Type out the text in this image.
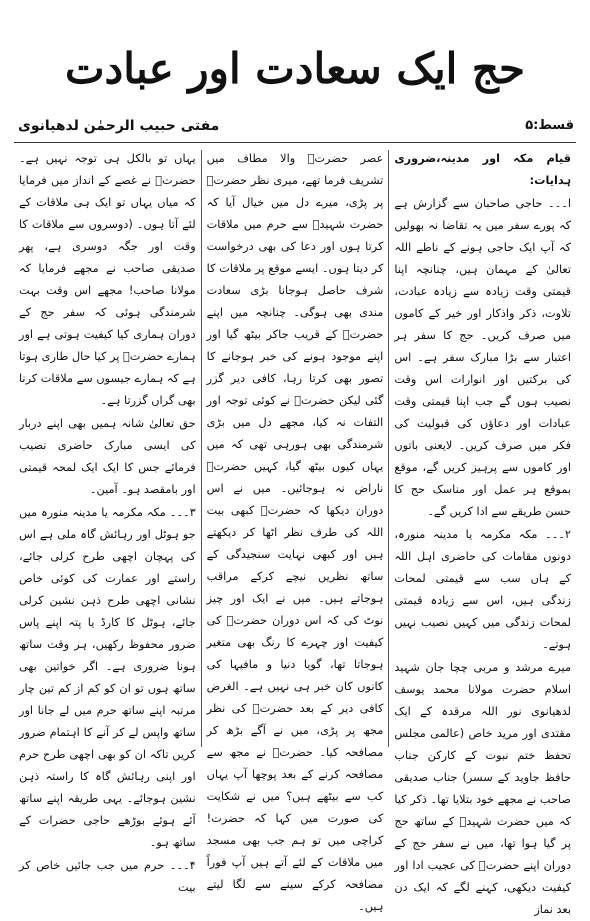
حج ایک سعادت اور عبادت
قسط:۵
مفتی حبیب الرحمٰن لدھیانوی

قیام مکہ اور مدینہ،ضروری ہدایات:

ا۔۔۔ حاجی صاحبان سے گزارش ہے کہ پورے سفر میں یہ تقاضا نہ بھولیں کہ آپ ایک حاجی ہونے کے ناطے اللہ تعالیٰ کے مہمان ہیں، چنانچہ اپنا قیمتی وقت زیادہ سے زیادہ عبادت، تلاوت، ذکر واذکار اور خیر کے کاموں میں صرف کریں۔ حج کا سفر ہر اعتبار سے بڑا مبارک سفر ہے۔ اس کی برکتیں اور انوارات اس وقت نصیب ہوں گے جب اپنا قیمتی وقت عبادات اور دعاؤں کی قبولیت کی فکر میں صرف کریں۔ لایعنی باتوں اور کاموں سے پرہیز کریں گے، موقع بموقع ہر عمل اور مناسک حج کا حسن طریقے سے ادا کریں گے۔

۲۔۔۔ مکہ مکرمہ یا مدینہ منورہ، دونوں مقامات کی حاضری اہل اللہ کے ہاں سب سے قیمتی لمحات زندگی ہیں، اس سے زیادہ قیمتی لمحات زندگی میں کہیں نصیب نہیں ہوتے۔

میرے مرشد و مربی چچا جان شہید اسلام حضرت مولانا محمد یوسف لدھیانوی نور اللہ مرقدہ کے ایک مقتدی اور مرید خاص (عالمی مجلس تحفظ ختم نبوت کے کارکن جناب حافظ جاوید کے سسر) جناب صدیقی صاحب نے مجھے خود بتلایا تھا۔ ذکر کیا کہ میں حضرت شہیدؒ کے ساتھ حج پر گیا ہوا تھا، میں نے سفر حج کے دوران اپنے حضرتؒ کی عجیب ادا اور کیفیت دیکھی، کہنے لگے کہ ایک دن بعد نماز

عصر حضرتؒ والا مطاف میں تشریف فرما تھے، میری نظر حضرتؒ پر پڑی، میرے دل میں خیال آیا کہ حضرت شہیدؒ سے حرم میں ملاقات کرتا ہوں اور دعا کی بھی درخواست کر دیتا ہوں۔ ایسے موقع پر ملاقات کا شرف حاصل ہوجانا بڑی سعادت مندی بھی ہوگی۔ چنانچہ میں اپنے حضرتؒ کے قریب جاکر بیٹھ گیا اور اپنے موجود ہونے کی خبر ہوجانے کا تصور بھی کرتا رہا، کافی دیر گزر گئی لیکن حضرتؒ نے کوئی توجہ اور التفات نہ کیا، مجھے دل میں بڑی شرمندگی بھی ہورہی تھی کہ میں یہاں کیوں بیٹھ گیا، کہیں حضرتؒ ناراض نہ ہوجائیں۔ میں نے اس دوران دیکھا کہ حضرتؒ کبھی بیت اللہ کی طرف نظر اٹھا کر دیکھتے ہیں اور کبھی نہایت سنجیدگی کے ساتھ نظریں نیچے کرکے مراقب ہوجاتے ہیں۔ میں نے ایک اور چیز نوٹ کی کہ اس دوران حضرتؒ کی کیفیت اور چہرے کا رنگ بھی متغیر ہوجاتا تھا، گویا دنیا و مافیہا کی کانوں کان خبر ہی نہیں ہے۔ الغرض کافی دیر کے بعد حضرتؒ کی نظر مجھ پر پڑی، میں نے آگے بڑھ کر مصافحہ کیا۔ حضرتؒ نے مجھ سے مصافحہ کرنے کے بعد پوچھا آپ یہاں کب سے بیٹھے ہیں؟ میں نے شکایت کی صورت میں کہا کہ حضرت! کراچی میں تو ہم جب بھی مسجد میں ملاقات کے لئے آتے ہیں آپ فوراً مصافحہ کرکے سینے سے لگا لیتے ہیں۔

یہاں تو بالکل ہی توجہ نہیں ہے۔ حضرتؒ نے غصے کے انداز میں فرمایا کہ میاں یہاں تو ایک ہی ملاقات کے لئے آتا ہوں۔ (دوسروں سے ملاقات کا وقت اور جگہ دوسری ہے، پھر صدیقی صاحب نے مجھے فرمایا کہ مولانا صاحب! مجھے اس وقت بہت شرمندگی ہوئی کہ سفر حج کے دوران ہماری کیا کیفیت ہوتی ہے اور ہمارے حضرتؒ پر کیا حال طاری ہوتا ہے کہ ہمارے جیسوں سے ملاقات کرنا بھی گراں گزرتا ہے۔

حق تعالیٰ شانہ ہمیں بھی اپنے دربار کی ایسی مبارک حاضری نصیب فرمائے جس کا ایک ایک لمحہ قیمتی اور بامقصد ہو۔ آمین۔

۳۔۔۔ مکہ مکرمہ یا مدینہ منورہ میں جو ہوٹل اور رہائش گاہ ملی ہے اس کی پہچان اچھی طرح کرلی جائے، راستے اور عمارت کی کوئی خاص نشانی اچھی طرح ذہن نشین کرلی جائے، ہوٹل کا کارڈ یا پتہ اپنے پاس ضرور محفوظ رکھیں، ہر وقت ساتھ ہونا ضروری ہے۔ اگر خواتین بھی ساتھ ہوں تو ان کو کم از کم تین چار مرتبہ اپنے ساتھ حرم میں لے جانا اور ساتھ واپس لے کر آنے کا اہتمام ضرور کریں تاکہ ان کو بھی اچھی طرح حرم اور اپنی رہائش گاہ کا راستہ ذہن نشین ہوجائے۔ یہی طریقہ اپنے ساتھ آئے ہوئے بوڑھے حاجی حضرات کے ساتھ ہو۔

۴۔۔۔ حرم میں جب جائیں خاص کر بیت
